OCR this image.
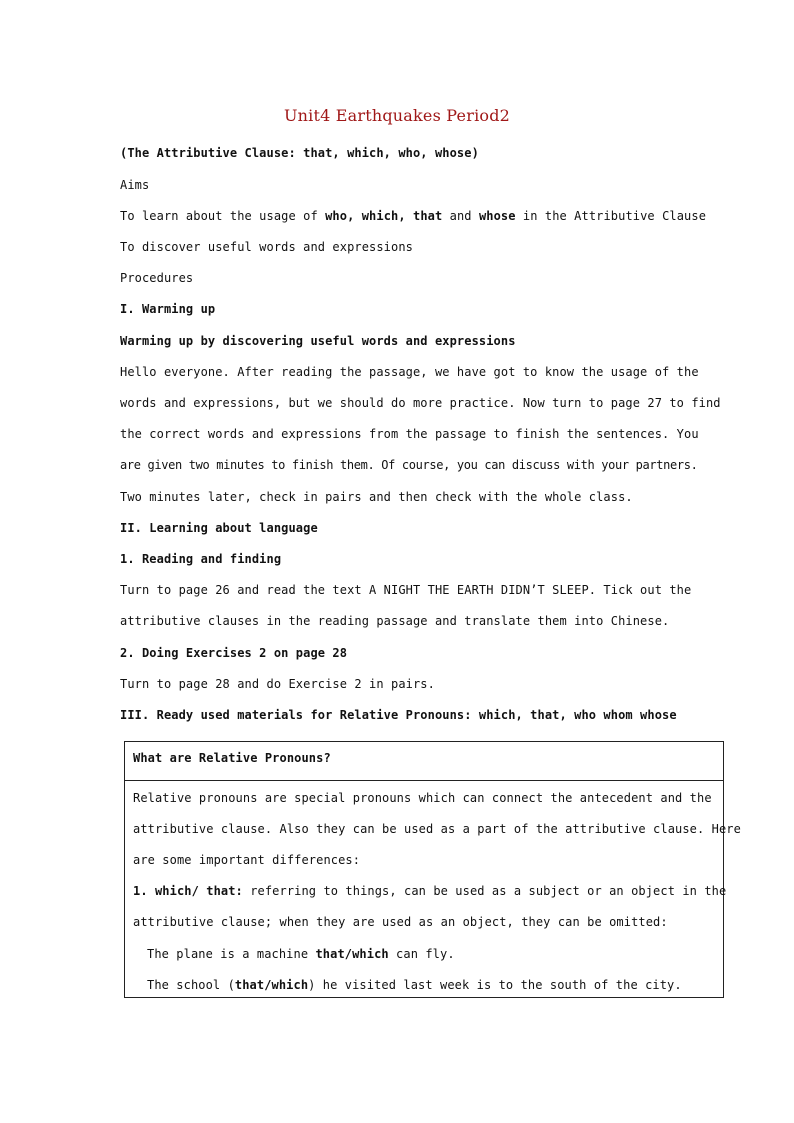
Unit4 Earthquakes Period2
(The Attributive Clause: that, which, who, whose)
Aims
To learn about the usage of who, which, that and whose in the Attributive Clause
To discover useful words and expressions
Procedures
I. Warming up
Warming up by discovering useful words and expressions
Hello everyone. After reading the passage, we have got to know the usage of the
words and expressions, but we should do more practice. Now turn to page 27 to find
the correct words and expressions from the passage to finish the sentences. You
are given two minutes to finish them. Of course, you can discuss with your partners.
Two minutes later, check in pairs and then check with the whole class.
II. Learning about language
1. Reading and finding
Turn to page 26 and read the text A NIGHT THE EARTH DIDN’T SLEEP. Tick out the
attributive clauses in the reading passage and translate them into Chinese.
2. Doing Exercises 2 on page 28
Turn to page 28 and do Exercise 2 in pairs.
III. Ready used materials for Relative Pronouns: which, that, who whom whose
What are Relative Pronouns?
Relative pronouns are special pronouns which can connect the antecedent and the
attributive clause. Also they can be used as a part of the attributive clause. Here
are some important differences:
1. which/ that: referring to things, can be used as a subject or an object in the
attributive clause; when they are used as an object, they can be omitted:
The plane is a machine that/which can fly.
The school (that/which) he visited last week is to the south of the city.
